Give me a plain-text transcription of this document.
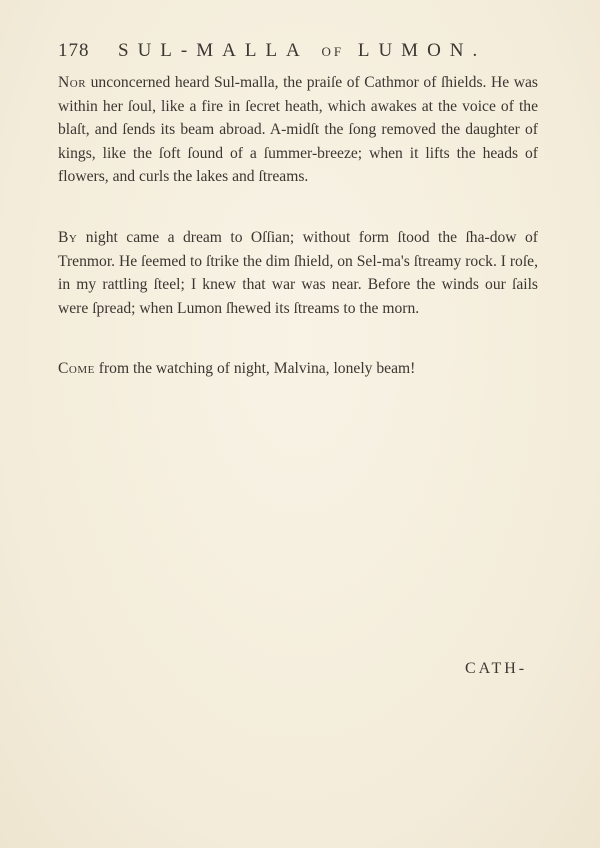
178 SUL-MALLA OF LUMON.

Nor unconcerned heard Sul-malla, the praiſe of Cathmor of ſhields. He was within her ſoul, like a fire in ſecret heath, which awakes at the voice of the blaſt, and ſends its beam abroad. A-midſt the ſong removed the daughter of kings, like the ſoft ſound of a ſummer-breeze; when it lifts the heads of flowers, and curls the lakes and ſtreams.

By night came a dream to Oſſian; without form ſtood the ſha-dow of Trenmor. He ſeemed to ſtrike the dim ſhield, on Sel-ma's ſtreamy rock. I roſe, in my rattling ſteel; I knew that war was near. Before the winds our ſails were ſpread; when Lumon ſhewed its ſtreams to the morn.

Come from the watching of night, Malvina, lonely beam!

CATH-
